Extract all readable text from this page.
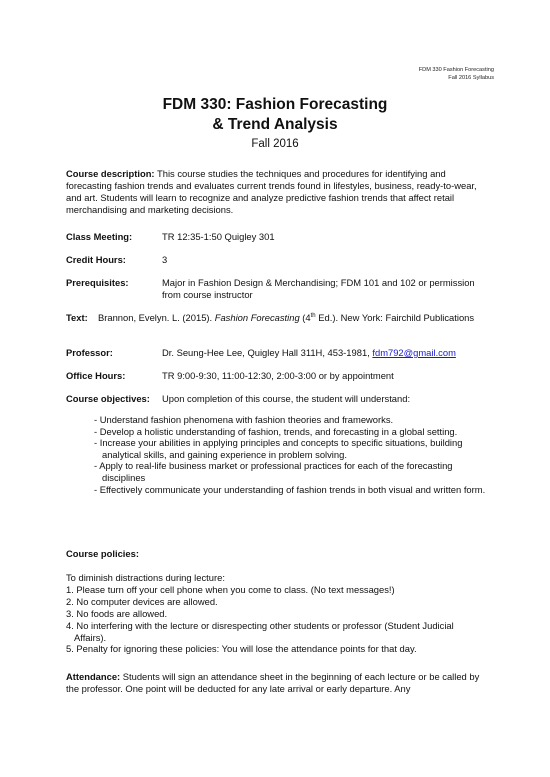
FDM 330 Fashion Forecasting
Fall 2016 Syllabus
FDM 330: Fashion Forecasting
& Trend Analysis
Fall 2016
Course description: This course studies the techniques and procedures for identifying and forecasting fashion trends and evaluates current trends found in lifestyles, business, ready-to-wear, and art. Students will learn to recognize and analyze predictive fashion trends that affect retail merchandising and marketing decisions.
Class Meeting:	TR 12:35-1:50 Quigley 301
Credit Hours:	3
Prerequisites:	Major in Fashion Design & Merchandising; FDM 101 and 102 or permission from course instructor
Text: Brannon, Evelyn. L. (2015). Fashion Forecasting (4th Ed.). New York: Fairchild Publications
Professor:	Dr. Seung-Hee Lee, Quigley Hall 311H, 453-1981, fdm792@gmail.com
Office Hours:	TR 9:00-9:30, 11:00-12:30, 2:00-3:00 or by appointment
Course objectives: Upon completion of this course, the student will understand:
- Understand fashion phenomena with fashion theories and frameworks.
- Develop a holistic understanding of fashion, trends, and forecasting in a global setting.
- Increase your abilities in applying principles and concepts to specific situations, building analytical skills, and gaining experience in problem solving.
- Apply to real-life business market or professional practices for each of the forecasting disciplines
- Effectively communicate your understanding of fashion trends in both visual and written form.
Course policies:
To diminish distractions during lecture:
1. Please turn off your cell phone when you come to class. (No text messages!)
2. No computer devices are allowed.
3. No foods are allowed.
4. No interfering with the lecture or disrespecting other students or professor (Student Judicial Affairs).
5. Penalty for ignoring these policies: You will lose the attendance points for that day.
Attendance: Students will sign an attendance sheet in the beginning of each lecture or be called by the professor. One point will be deducted for any late arrival or early departure. Any
